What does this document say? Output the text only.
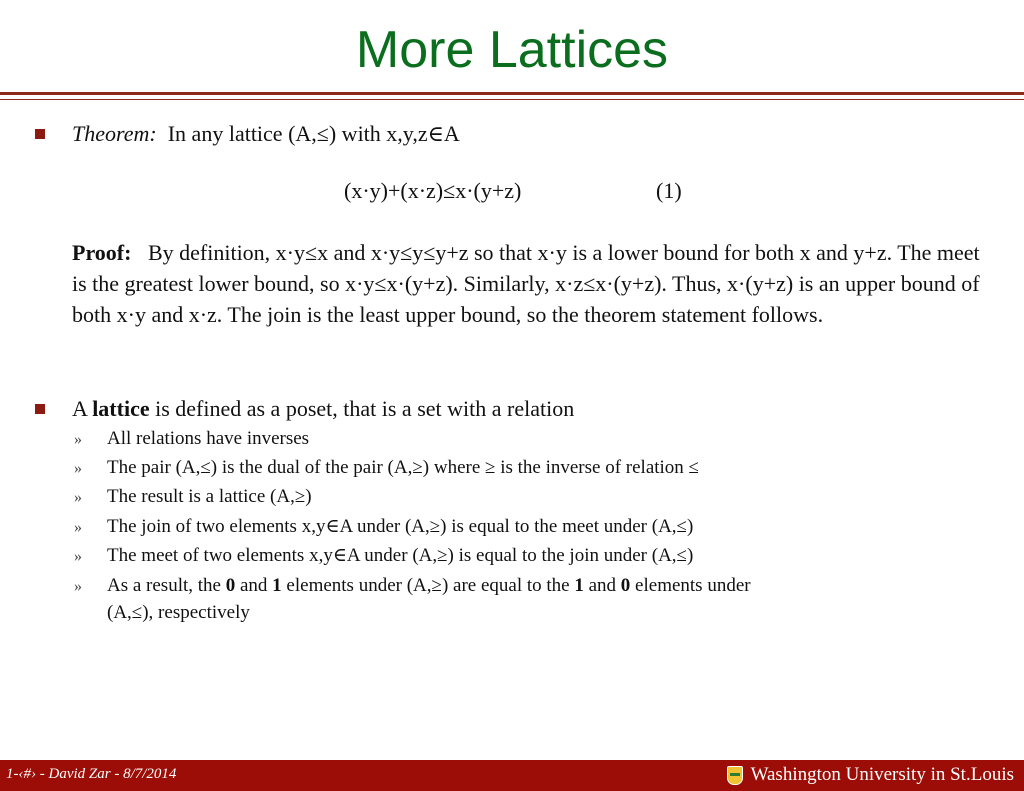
More Lattices
Theorem: In any lattice (A,≤) with x,y,z∈A
(x·y)+(x·z)≤x·(y+z)	(1)
Proof: By definition, x·y≤x and x·y≤y≤y+z so that x·y is a lower bound for both x and y+z. The meet is the greatest lower bound, so x·y≤x·(y+z). Similarly, x·z≤x·(y+z). Thus, x·(y+z) is an upper bound of both x·y and x·z. The join is the least upper bound, so the theorem statement follows.
A lattice is defined as a poset, that is a set with a relation
» All relations have inverses
» The pair (A,≤) is the dual of the pair (A,≥) where ≥ is the inverse of relation ≤
» The result is a lattice (A,≥)
» The join of two elements x,y∈A under (A,≥) is equal to the meet under (A,≤)
» The meet of two elements x,y∈A under (A,≥) is equal to the join under (A,≤)
» As a result, the 0 and 1 elements under (A,≥) are equal to the 1 and 0 elements under
(A,≤), respectively
1-‹#› - David Zar - 8/7/2014	Washington University in St.Louis
